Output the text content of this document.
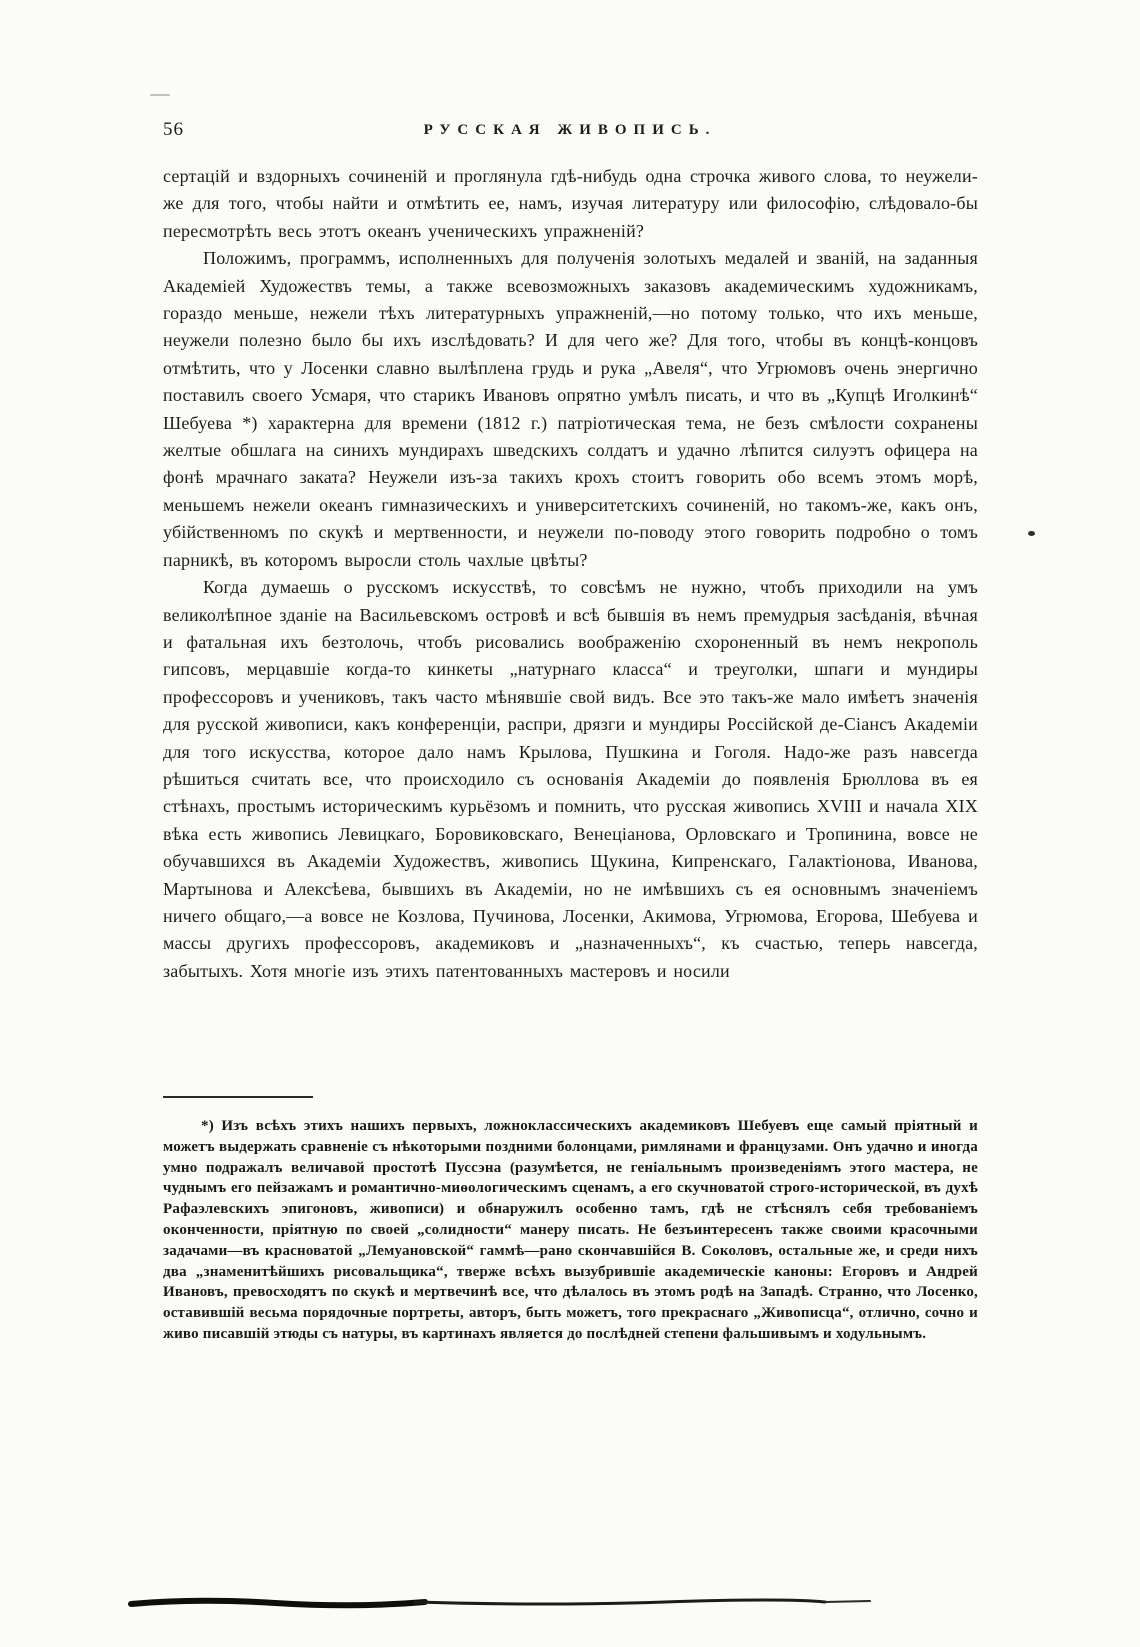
56	РУССКАЯ ЖИВОПИСЬ.

сертацій и вздорныхъ сочиненій и проглянула гдѣ-нибудь одна строчка живого слова, то неужели-же для того, чтобы найти и отмѣтить ее, намъ, изучая литературу или философію, слѣдовало-бы пересмотрѣть весь этотъ океанъ ученическихъ упражненій?

Положимъ, программъ, исполненныхъ для полученія золотыхъ медалей и званій, на заданныя Академіей Художествъ темы, а также всевозможныхъ заказовъ академическимъ художникамъ, гораздо меньше, нежели тѣхъ литературныхъ упражненій,—но потому только, что ихъ меньше, неужели полезно было бы ихъ изслѣдовать? И для чего же? Для того, чтобы въ концѣ-концовъ отмѣтить, что у Лосенки славно вылѣплена грудь и рука „Авеля“, что Угрюмовъ очень энергично поставилъ своего Усмаря, что старикъ Ивановъ опрятно умѣлъ писать, и что въ „Купцѣ Иголкинѣ“ Шебуева *) характерна для времени (1812 г.) патріотическая тема, не безъ смѣлости сохранены желтые обшлага на синихъ мундирахъ шведскихъ солдатъ и удачно лѣпится силуэтъ офицера на фонѣ мрачнаго заката? Неужели изъ-за такихъ крохъ стоитъ говорить обо всемъ этомъ морѣ, меньшемъ нежели океанъ гимназическихъ и университетскихъ сочиненій, но такомъ-же, какъ онъ, убійственномъ по скукѣ и мертвенности, и неужели по-поводу этого говорить подробно о томъ парникѣ, въ которомъ выросли столь чахлые цвѣты?

Когда думаешь о русскомъ искусствѣ, то совсѣмъ не нужно, чтобъ приходили на умъ великолѣпное зданіе на Васильевскомъ островѣ и всѣ бывшія въ немъ премудрыя засѣданія, вѣчная и фатальная ихъ безтолочь, чтобъ рисовались воображенію схороненный въ немъ некрополь гипсовъ, мерцавшіе когда-то кинкеты „натурнаго класса“ и треуголки, шпаги и мундиры профессоровъ и учениковъ, такъ часто мѣнявшіе свой видъ. Все это такъ-же мало имѣетъ значенія для русской живописи, какъ конференціи, распри, дрязги и мундиры Россійской де-Сіансъ Академіи для того искусства, которое дало намъ Крылова, Пушкина и Гоголя. Надо-же разъ навсегда рѣшиться считать все, что происходило съ основанія Академіи до появленія Брюллова въ ея стѣнахъ, простымъ историческимъ курьёзомъ и помнить, что русская живопись XVIII и начала XIX вѣка есть живопись Левицкаго, Боровиковскаго, Венеціанова, Орловскаго и Тропинина, вовсе не обучавшихся въ Академіи Художествъ, живопись Щукина, Кипренскаго, Галактіонова, Иванова, Мартынова и Алексѣева, бывшихъ въ Академіи, но не имѣвшихъ съ ея основнымъ значеніемъ ничего общаго,—а вовсе не Козлова, Пучинова, Лосенки, Акимова, Угрюмова, Егорова, Шебуева и массы другихъ профессоровъ, академиковъ и „назначенныхъ“, къ счастью, теперь навсегда, забытыхъ. Хотя многіе изъ этихъ патентованныхъ мастеровъ и носили

*) Изъ всѣхъ этихъ нашихъ первыхъ, ложноклассическихъ академиковъ Шебуевъ еще самый пріятный и можетъ выдержать сравненіе съ нѣкоторыми поздними болонцами, римлянами и французами. Онъ удачно и иногда умно подражалъ величавой простотѣ Пуссэна (разумѣется, не геніальнымъ произведеніямъ этого мастера, не чуднымъ его пейзажамъ и романтично-миѳологическимъ сценамъ, а его скучноватой строго-исторической, въ духѣ Рафаэлевскихъ эпигоновъ, живописи) и обнаружилъ особенно тамъ, гдѣ не стѣснялъ себя требованіемъ оконченности, пріятную по своей „солидности“ манеру писать. Не безъинтересенъ также своими красочными задачами—въ красноватой „Лемуановской“ гаммѣ—рано скончавшійся В. Соколовъ, остальные же, и среди нихъ два „знаменитѣйшихъ рисовальщика“, тверже всѣхъ вызубрившіе академическіе каноны: Егоровъ и Андрей Ивановъ, превосходятъ по скукѣ и мертвечинѣ все, что дѣлалось въ этомъ родѣ на Западѣ. Странно, что Лосенко, оставившій весьма порядочные портреты, авторъ, быть можетъ, того прекраснаго „Живописца“, отлично, сочно и живо писавшій этюды съ натуры, въ картинахъ является до послѣдней степени фальшивымъ и ходульнымъ.
